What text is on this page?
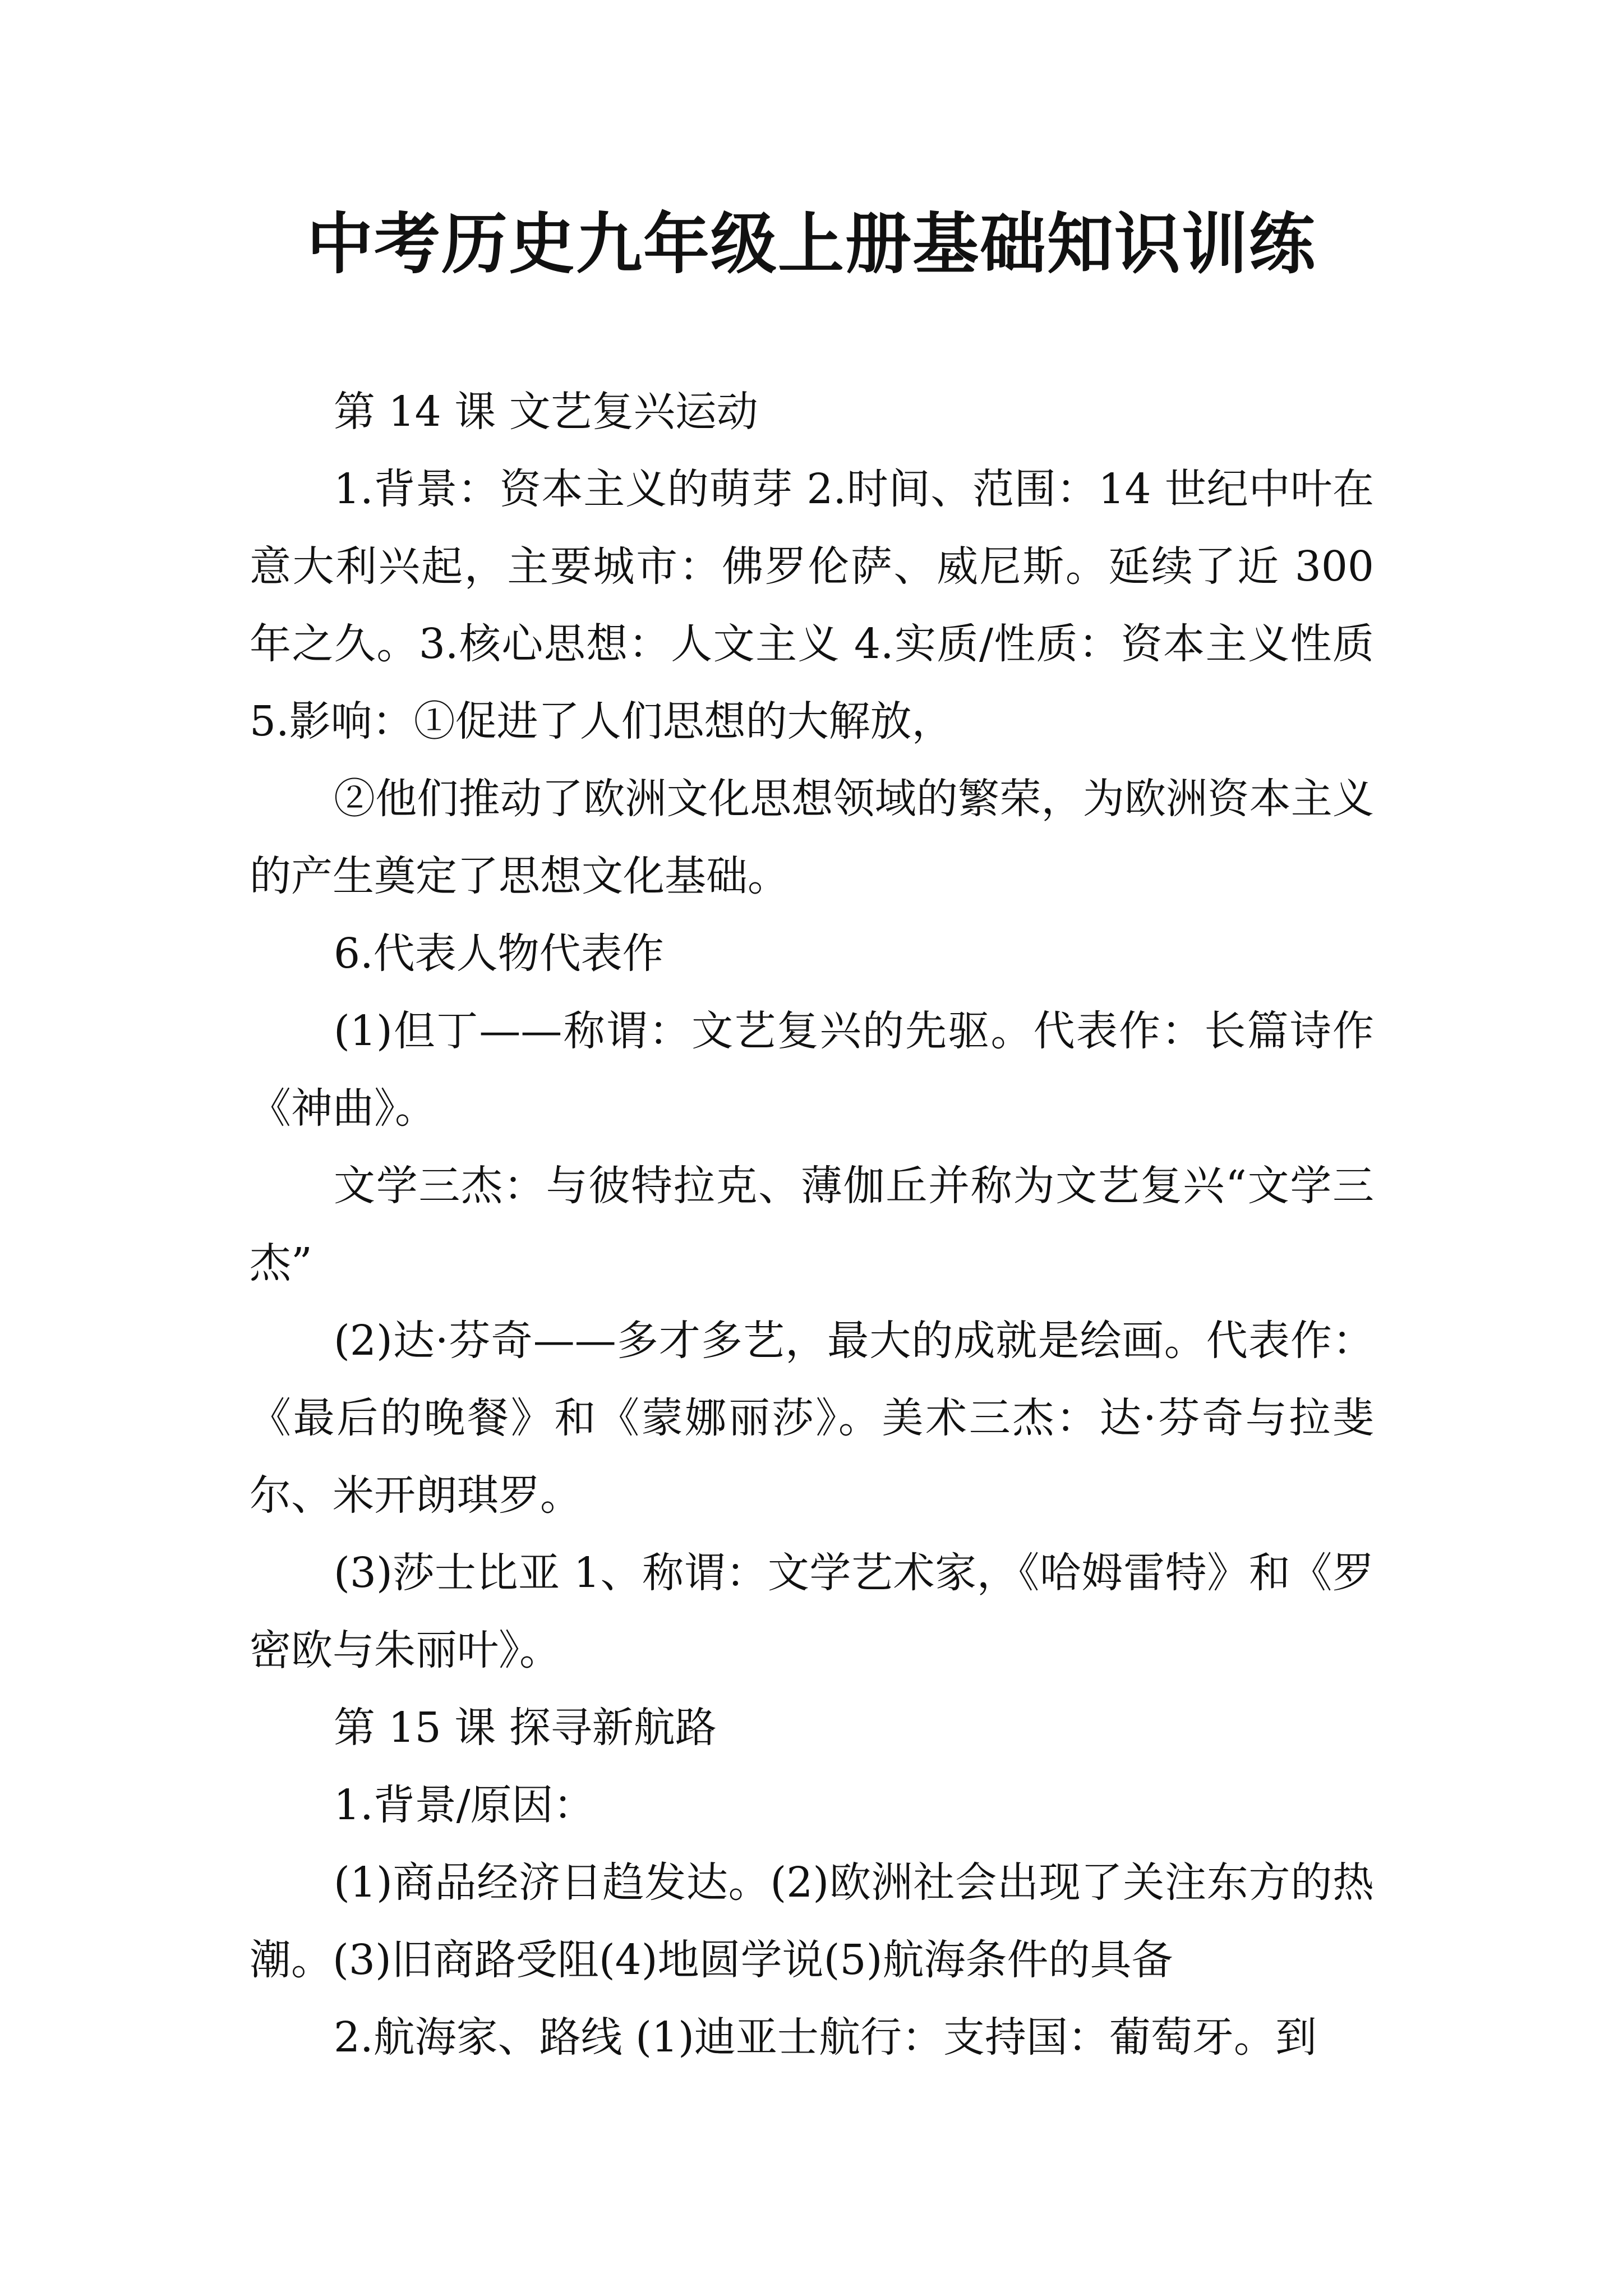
中考历史九年级上册基础知识训练

第 14 课 文艺复兴运动

1.背景：资本主义的萌芽 2.时间、范围：14 世纪中叶在意大利兴起，主要城市：佛罗伦萨、威尼斯。延续了近 300 年之久。3.核心思想：人文主义 4.实质/性质：资本主义性质 5.影响：①促进了人们思想的大解放，

②他们推动了欧洲文化思想领域的繁荣，为欧洲资本主义的产生奠定了思想文化基础。

6.代表人物代表作

(1)但丁——称谓：文艺复兴的先驱。代表作：长篇诗作《神曲》。

文学三杰：与彼特拉克、薄伽丘并称为文艺复兴“文学三杰”

(2)达·芬奇——多才多艺，最大的成就是绘画。代表作：《最后的晚餐》和《蒙娜丽莎》。美术三杰：达·芬奇与拉斐尔、米开朗琪罗。

(3)莎士比亚 1、称谓：文学艺术家，《哈姆雷特》和《罗密欧与朱丽叶》。

第 15 课 探寻新航路

1.背景/原因：

(1)商品经济日趋发达。(2)欧洲社会出现了关注东方的热潮。(3)旧商路受阻(4)地圆学说(5)航海条件的具备

2.航海家、路线 (1)迪亚士航行：支持国：葡萄牙。到
